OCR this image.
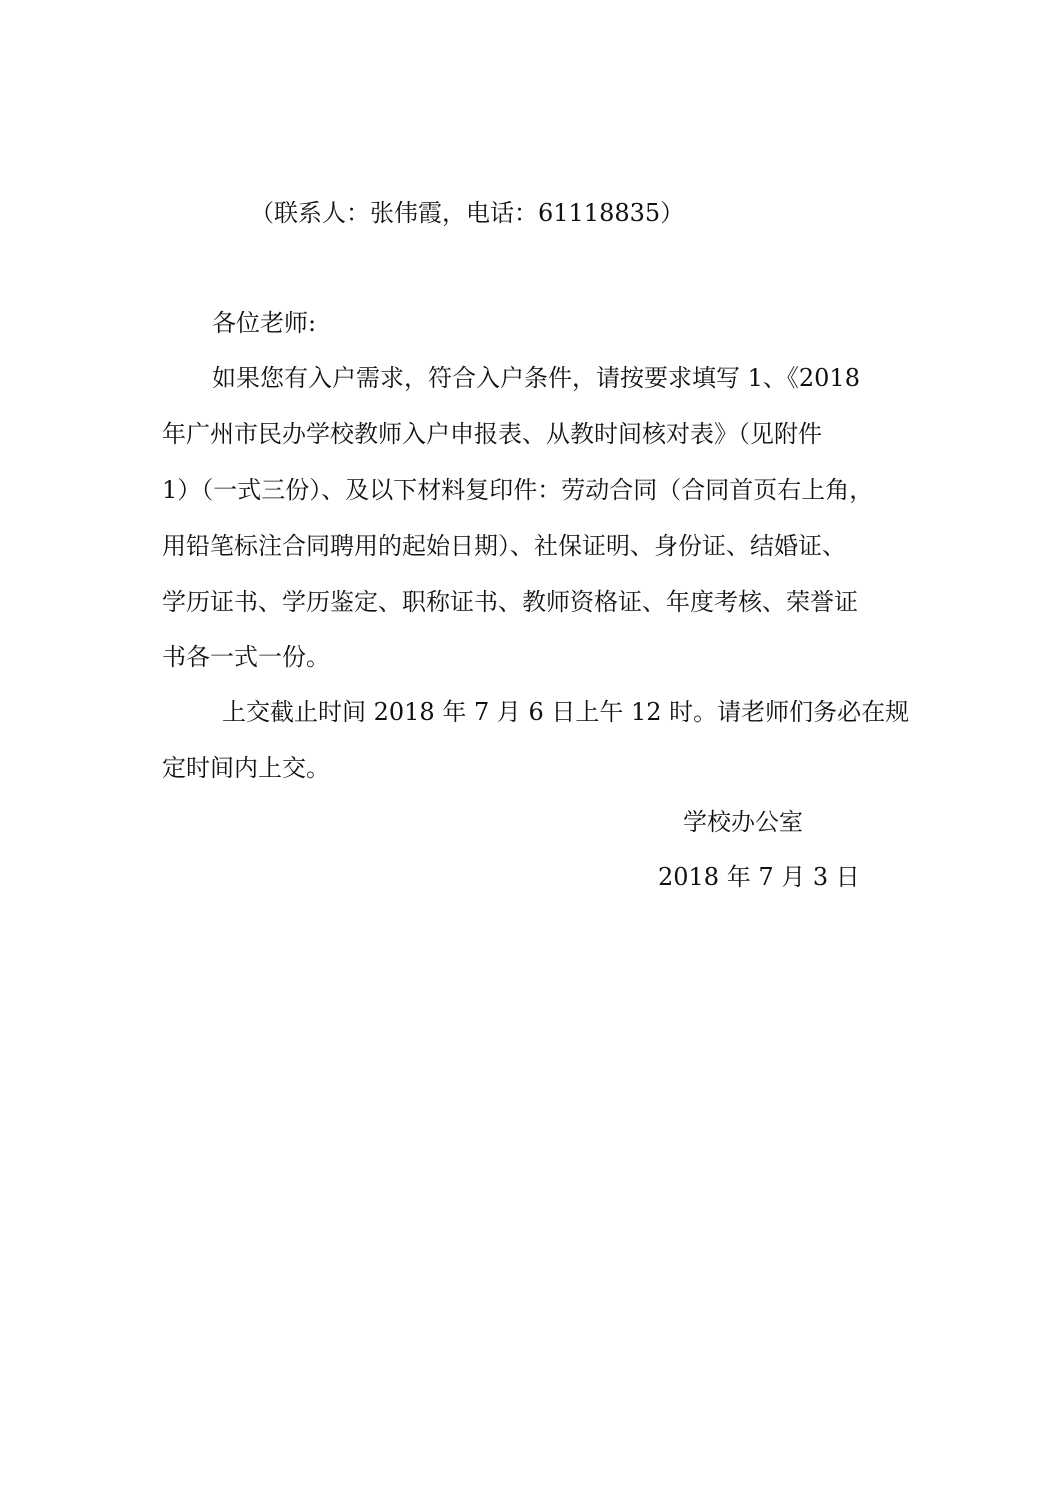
（联系人：张伟霞，电话：61118835）
各位老师:
如果您有入户需求，符合入户条件，请按要求填写 1、《2018
年广州市民办学校教师入户申报表、从教时间核对表》（见附件
1）（一式三份）、及以下材料复印件：劳动合同（合同首页右上角，
用铅笔标注合同聘用的起始日期）、社保证明、身份证、结婚证、
学历证书、学历鉴定、职称证书、教师资格证、年度考核、荣誉证
书各一式一份。
上交截止时间 2018 年 7 月 6 日上午 12 时。请老师们务必在规
定时间内上交。
学校办公室
2018 年 7 月 3 日
